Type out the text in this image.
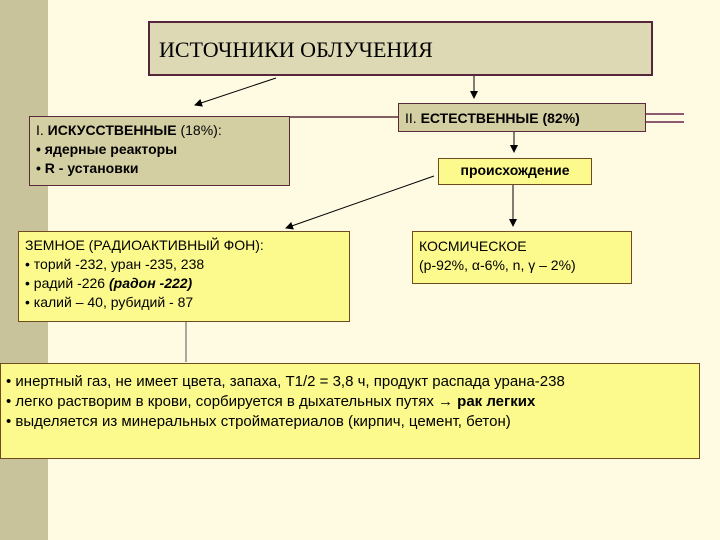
ИСТОЧНИКИ ОБЛУЧЕНИЯ
I. ИСКУССТВЕННЫЕ (18%):
• ядерные реакторы
• R - установки
II. ЕСТЕСТВЕННЫЕ (82%)
происхождение
ЗЕМНОЕ (РАДИОАКТИВНЫЙ ФОН):
• торий -232, уран -235, 238
• радий -226 (радон -222)
• калий – 40, рубидий - 87
КОСМИЧЕСКОЕ
(p-92%, α-6%, n, γ – 2%)
• инертный газ, не имеет цвета, запаха, Т1/2 = 3,8 ч, продукт распада урана-238
• легко растворим в крови, сорбируется в дыхательных путях → рак легких
• выделяется из минеральных стройматериалов (кирпич, цемент, бетон)
